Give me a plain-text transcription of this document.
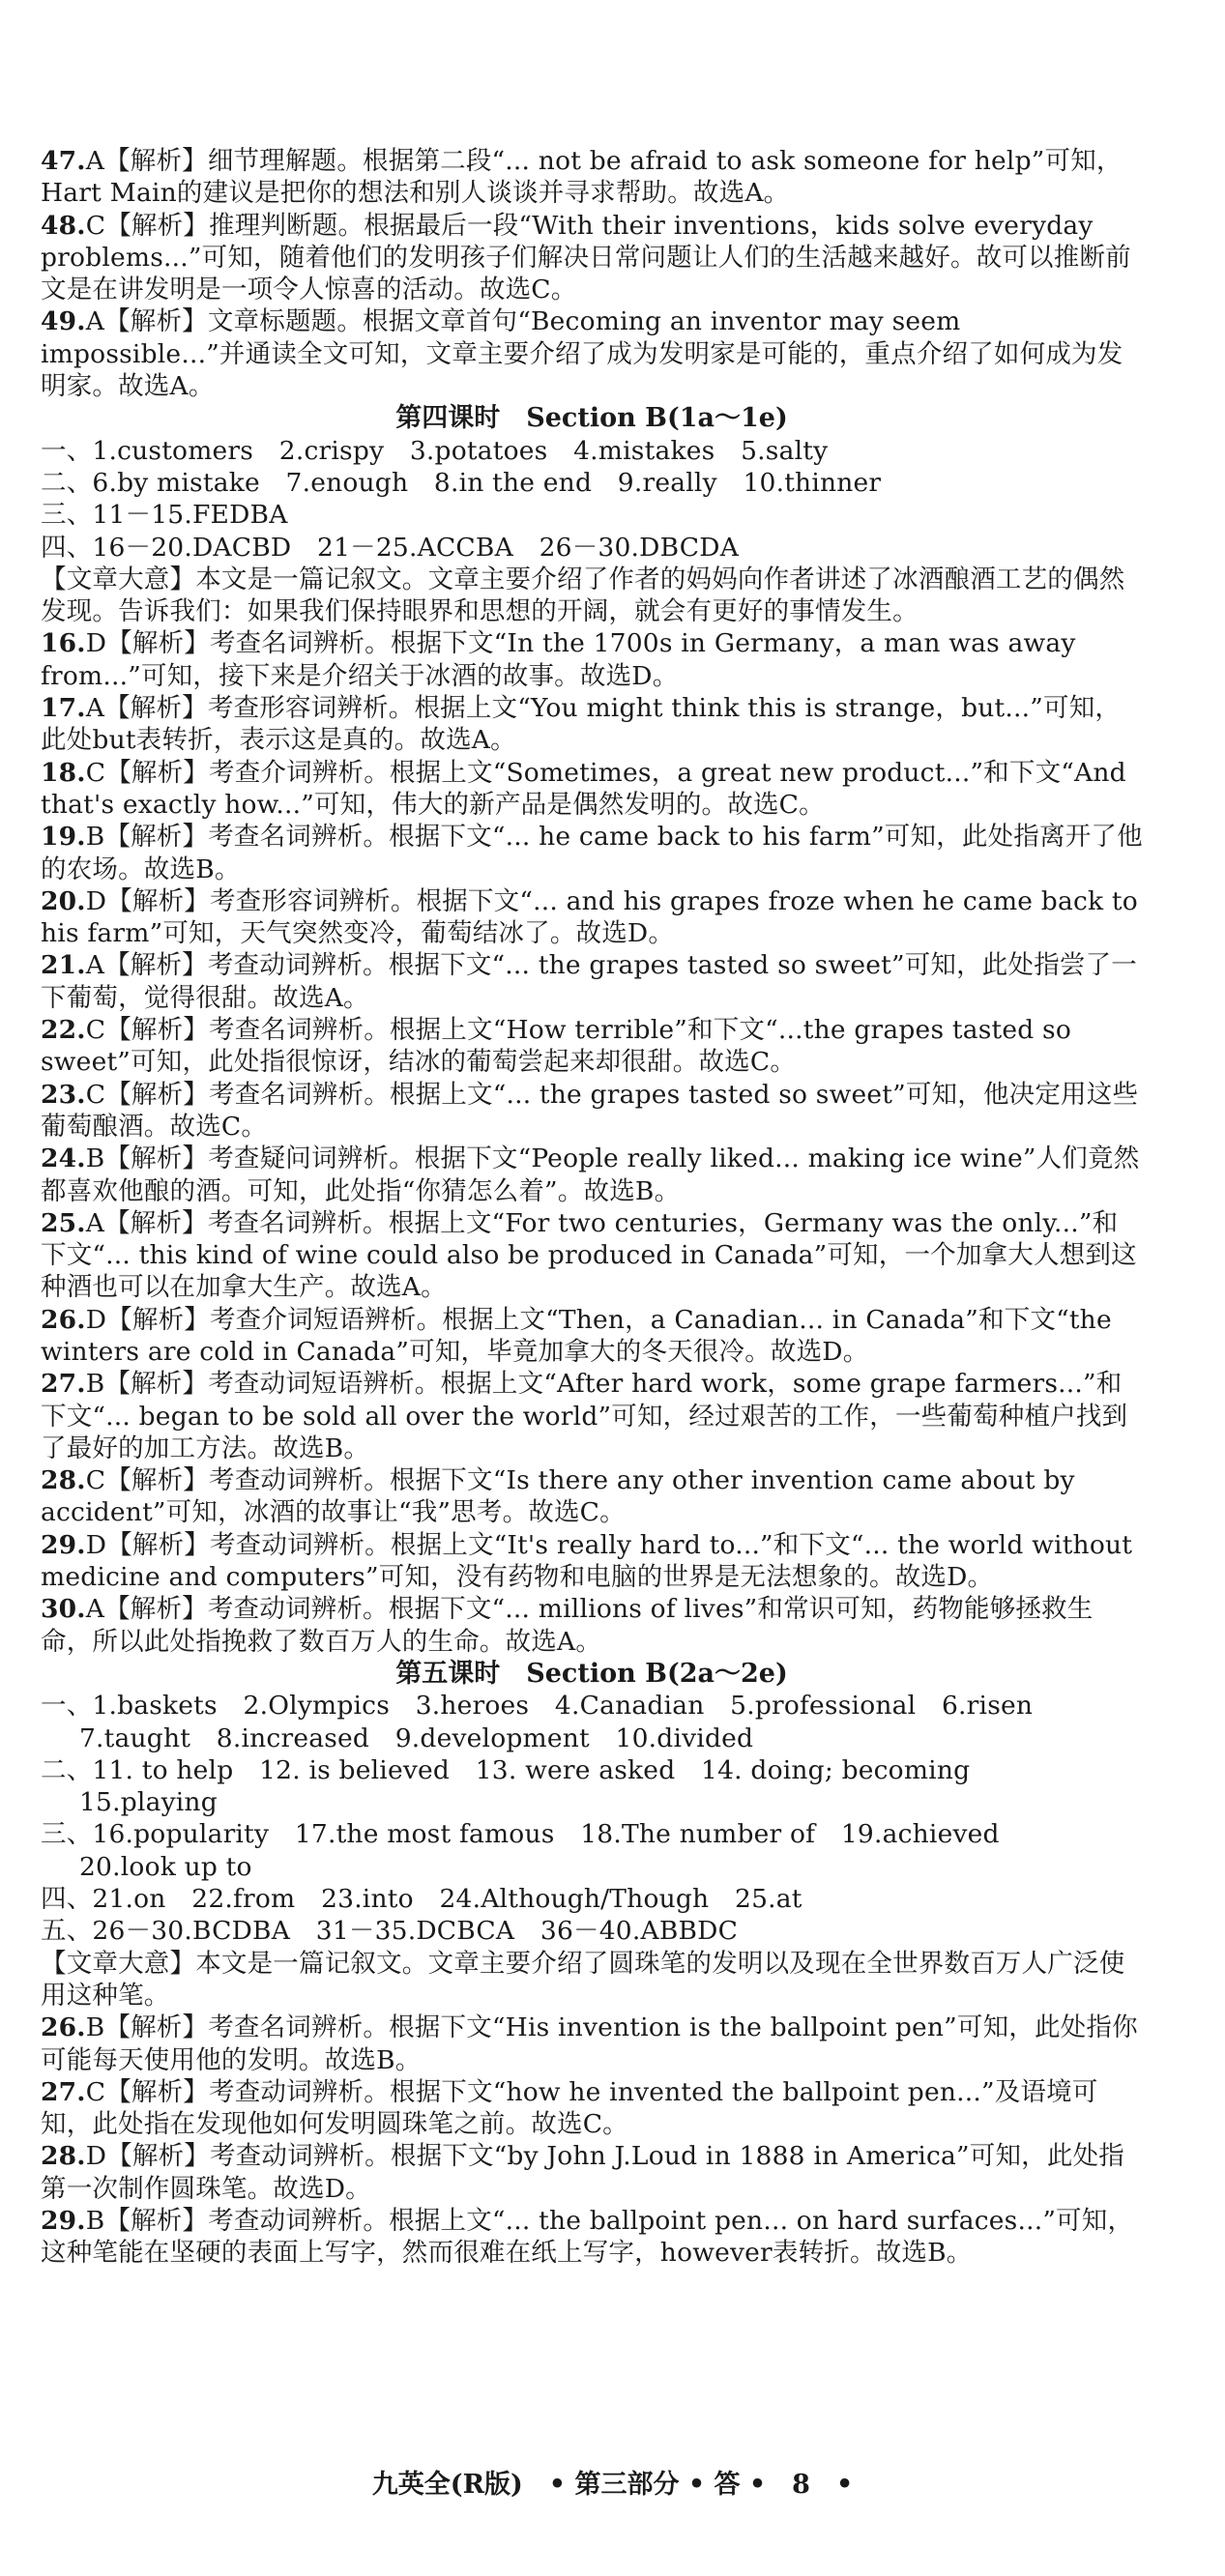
47.A【解析】细节理解题。根据第二段“... not be afraid to ask someone for help”可知，Hart Main的建议是把你的想法和别人谈谈并寻求帮助。故选A。

48.C【解析】推理判断题。根据最后一段“With their inventions，kids solve everyday problems...”可知，随着他们的发明孩子们解决日常问题让人们的生活越来越好。故可以推断前文是在讲发明是一项令人惊喜的活动。故选C。

49.A【解析】文章标题题。根据文章首句“Becoming an inventor may seem impossible...”并通读全文可知，文章主要介绍了成为发明家是可能的，重点介绍了如何成为发明家。故选A。

第四课时　Section B(1a～1e)

一、1.customers　2.crispy　3.potatoes　4.mistakes　5.salty

二、6.by mistake　7.enough　8.in the end　9.really　10.thinner

三、11－15.FEDBA

四、16－20.DACBD　21－25.ACCBA　26－30.DBCDA

【文章大意】本文是一篇记叙文。文章主要介绍了作者的妈妈向作者讲述了冰酒酿酒工艺的偶然发现。告诉我们：如果我们保持眼界和思想的开阔，就会有更好的事情发生。

16.D【解析】考查名词辨析。根据下文“In the 1700s in Germany，a man was away from...”可知，接下来是介绍关于冰酒的故事。故选D。

17.A【解析】考查形容词辨析。根据上文“You might think this is strange，but...”可知，此处but表转折，表示这是真的。故选A。

18.C【解析】考查介词辨析。根据上文“Sometimes，a great new product...”和下文“And that's exactly how...”可知，伟大的新产品是偶然发明的。故选C。

19.B【解析】考查名词辨析。根据下文“... he came back to his farm”可知，此处指离开了他的农场。故选B。

20.D【解析】考查形容词辨析。根据下文“... and his grapes froze when he came back to his farm”可知，天气突然变冷，葡萄结冰了。故选D。

21.A【解析】考查动词辨析。根据下文“... the grapes tasted so sweet”可知，此处指尝了一下葡萄，觉得很甜。故选A。

22.C【解析】考查名词辨析。根据上文“How terrible”和下文“...the grapes tasted so sweet”可知，此处指很惊讶，结冰的葡萄尝起来却很甜。故选C。

23.C【解析】考查名词辨析。根据上文“... the grapes tasted so sweet”可知，他决定用这些葡萄酿酒。故选C。

24.B【解析】考查疑问词辨析。根据下文“People really liked... making ice wine”人们竟然都喜欢他酿的酒。可知，此处指“你猜怎么着”。故选B。

25.A【解析】考查名词辨析。根据上文“For two centuries，Germany was the only...”和下文“... this kind of wine could also be produced in Canada”可知，一个加拿大人想到这种酒也可以在加拿大生产。故选A。

26.D【解析】考查介词短语辨析。根据上文“Then，a Canadian... in Canada”和下文“the winters are cold in Canada”可知，毕竟加拿大的冬天很冷。故选D。

27.B【解析】考查动词短语辨析。根据上文“After hard work，some grape farmers...”和下文“... began to be sold all over the world”可知，经过艰苦的工作，一些葡萄种植户找到了最好的加工方法。故选B。

28.C【解析】考查动词辨析。根据下文“Is there any other invention came about by accident”可知，冰酒的故事让“我”思考。故选C。

29.D【解析】考查动词辨析。根据上文“It's really hard to...”和下文“... the world without medicine and computers”可知，没有药物和电脑的世界是无法想象的。故选D。

30.A【解析】考查动词辨析。根据下文“... millions of lives”和常识可知，药物能够拯救生命，所以此处指挽救了数百万人的生命。故选A。

第五课时　Section B(2a～2e)

一、1.baskets　2.Olympics　3.heroes　4.Canadian　5.professional　6.risen

7.taught　8.increased　9.development　10.divided

二、11. to help　12. is believed　13. were asked　14. doing; becoming

15.playing

三、16.popularity　17.the most famous　18.The number of　19.achieved

20.look up to

四、21.on　22.from　23.into　24.Although/Though　25.at

五、26－30.BCDBA　31－35.DCBCA　36－40.ABBDC

【文章大意】本文是一篇记叙文。文章主要介绍了圆珠笔的发明以及现在全世界数百万人广泛使用这种笔。

26.B【解析】考查名词辨析。根据下文“His invention is the ballpoint pen”可知，此处指你可能每天使用他的发明。故选B。

27.C【解析】考查动词辨析。根据下文“how he invented the ballpoint pen...”及语境可知，此处指在发现他如何发明圆珠笔之前。故选C。

28.D【解析】考查动词辨析。根据下文“by John J.Loud in 1888 in America”可知，此处指第一次制作圆珠笔。故选D。

29.B【解析】考查动词辨析。根据上文“... the ballpoint pen... on hard surfaces...”可知，这种笔能在坚硬的表面上写字，然而很难在纸上写字，however表转折。故选B。

九英全(R版)　• 第三部分 • 答 •　8　•
